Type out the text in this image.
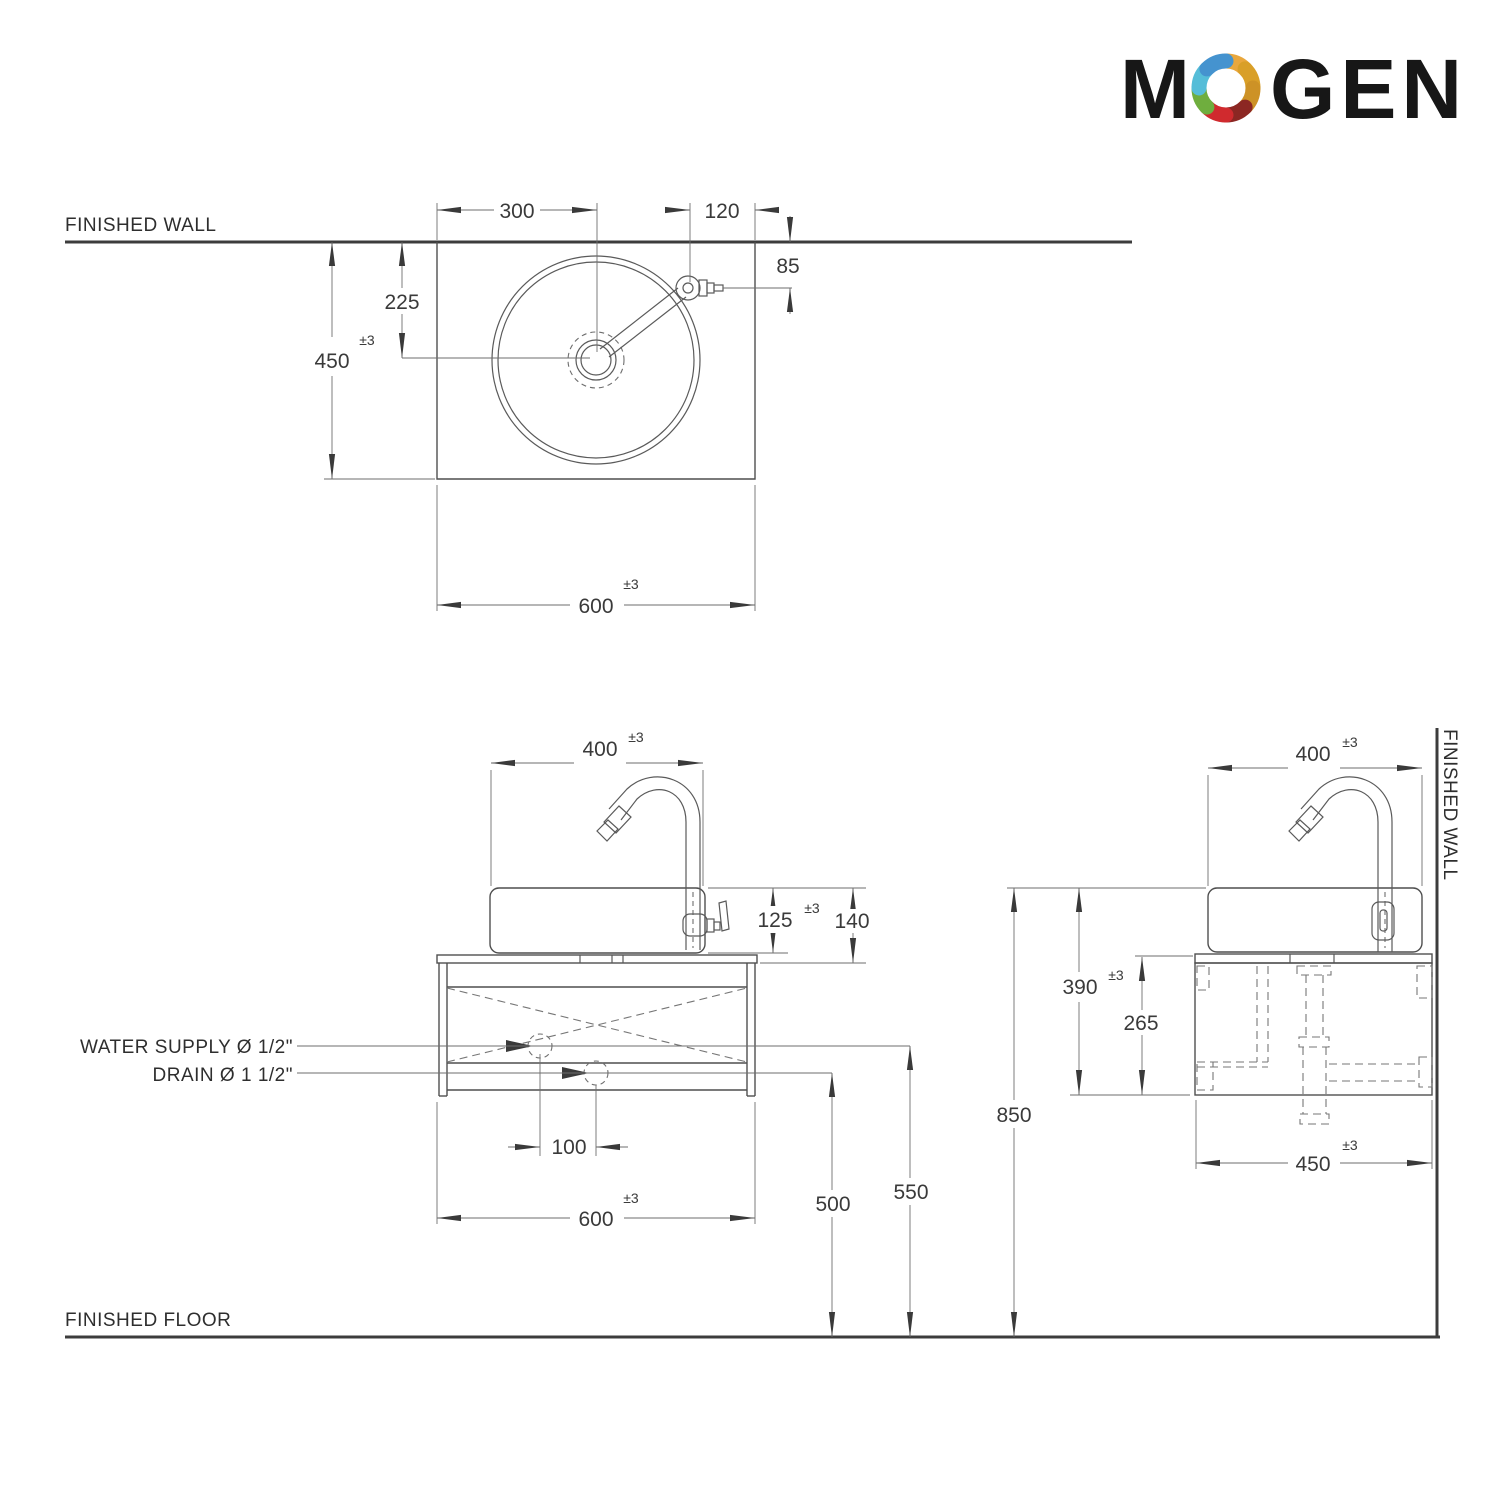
M GEN
300	120
85
225
450
±3
600
±3
400
±3
125
±3
140
100
600
±3	500
550
400
±3
390
±3
265
850
450
±3
FINISHED WALL
FINISHED FLOOR
WATER SUPPLY Ø 1/2"
DRAIN Ø 1 1/2"
FINISHED WALL
